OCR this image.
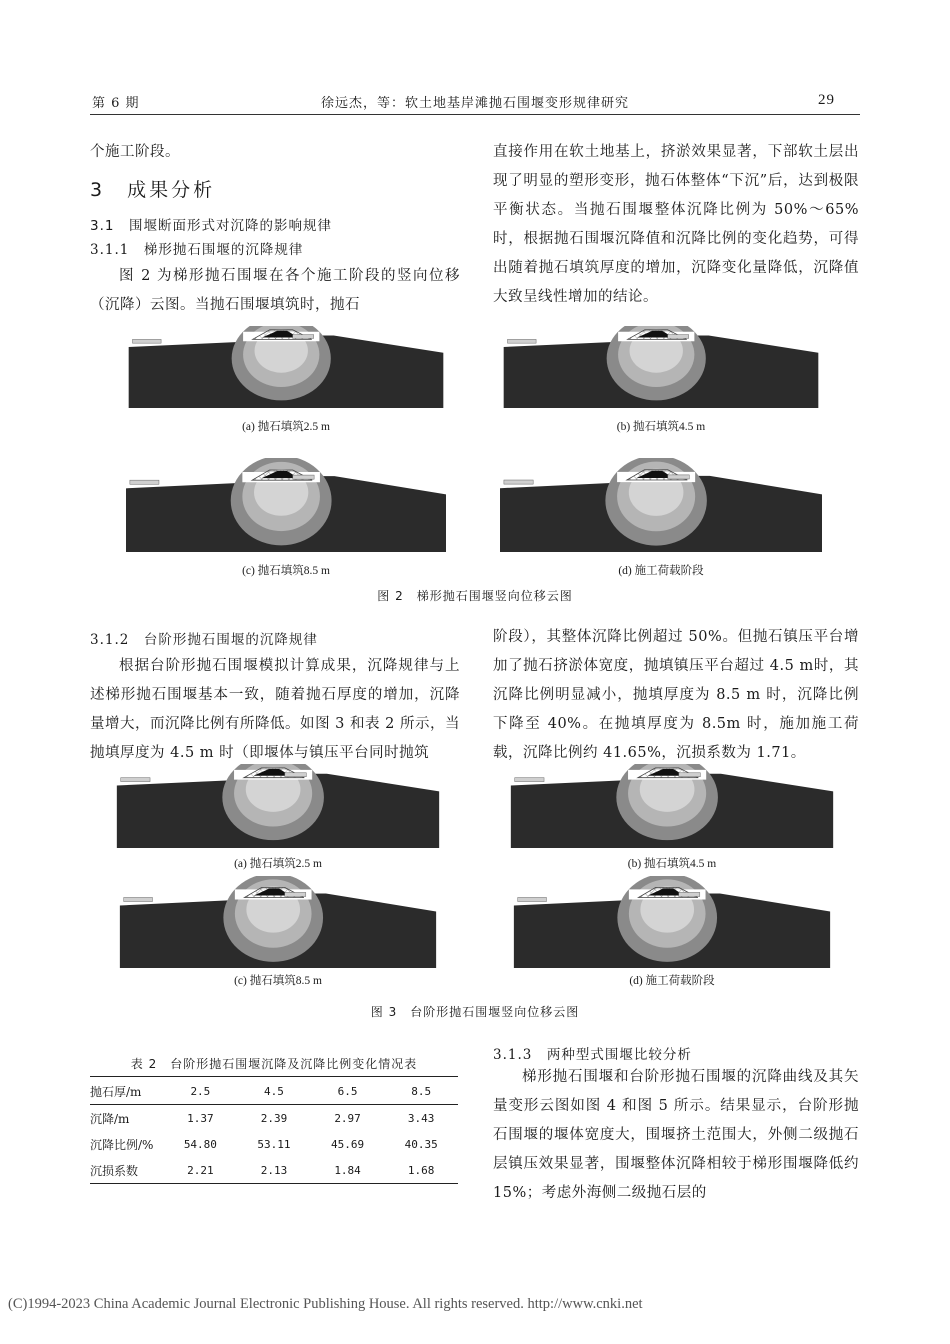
第 6 期	徐远杰，等：软土地基岸滩抛石围堰变形规律研究	29
个施工阶段。
3　成果分析
3.1　围堰断面形式对沉降的影响规律
3.1.1　梯形抛石围堰的沉降规律
图 2 为梯形抛石围堰在各个施工阶段的竖向位移（沉降）云图。当抛石围堰填筑时，抛石
直接作用在软土地基上，挤淤效果显著，下部软土层出现了明显的塑形变形，抛石体整体“下沉”后，达到极限平衡状态。当抛石围堰整体沉降比例为 50%～65%时，根据抛石围堰沉降值和沉降比例的变化趋势，可得出随着抛石填筑厚度的增加，沉降变化量降低，沉降值大致呈线性增加的结论。
(a) 抛石填筑2.5 m	(b) 抛石填筑4.5 m
(c) 抛石填筑8.5 m	(d) 施工荷载阶段
图 2　梯形抛石围堰竖向位移云图
3.1.2　台阶形抛石围堰的沉降规律
根据台阶形抛石围堰模拟计算成果，沉降规律与上述梯形抛石围堰基本一致，随着抛石厚度的增加，沉降量增大，而沉降比例有所降低。如图 3 和表 2 所示，当抛填厚度为 4.5 m 时（即堰体与镇压平台同时抛筑
阶段），其整体沉降比例超过 50%。但抛石镇压平台增加了抛石挤淤体宽度，抛填镇压平台超过 4.5 m时，其沉降比例明显减小，抛填厚度为 8.5 m 时，沉降比例下降至 40%。在抛填厚度为 8.5m 时，施加施工荷载，沉降比例约 41.65%，沉损系数为 1.71。
(a) 抛石填筑2.5 m	(b) 抛石填筑4.5 m
(c) 抛石填筑8.5 m	(d) 施工荷载阶段
图 3　台阶形抛石围堰竖向位移云图
表 2　台阶形抛石围堰沉降及沉降比例变化情况表
抛石厚/m	2.5	4.5	6.5	8.5
沉降/m	1.37	2.39	2.97	3.43
沉降比例/%	54.80	53.11	45.69	40.35
沉损系数	2.21	2.13	1.84	1.68
3.1.3　两种型式围堰比较分析
梯形抛石围堰和台阶形抛石围堰的沉降曲线及其矢量变形云图如图 4 和图 5 所示。结果显示，台阶形抛石围堰的堰体宽度大，围堰挤土范围大，外侧二级抛石层镇压效果显著，围堰整体沉降相较于梯形围堰降低约 15%；考虑外海侧二级抛石层的
(C)1994-2023 China Academic Journal Electronic Publishing House. All rights reserved. http://www.cnki.net
